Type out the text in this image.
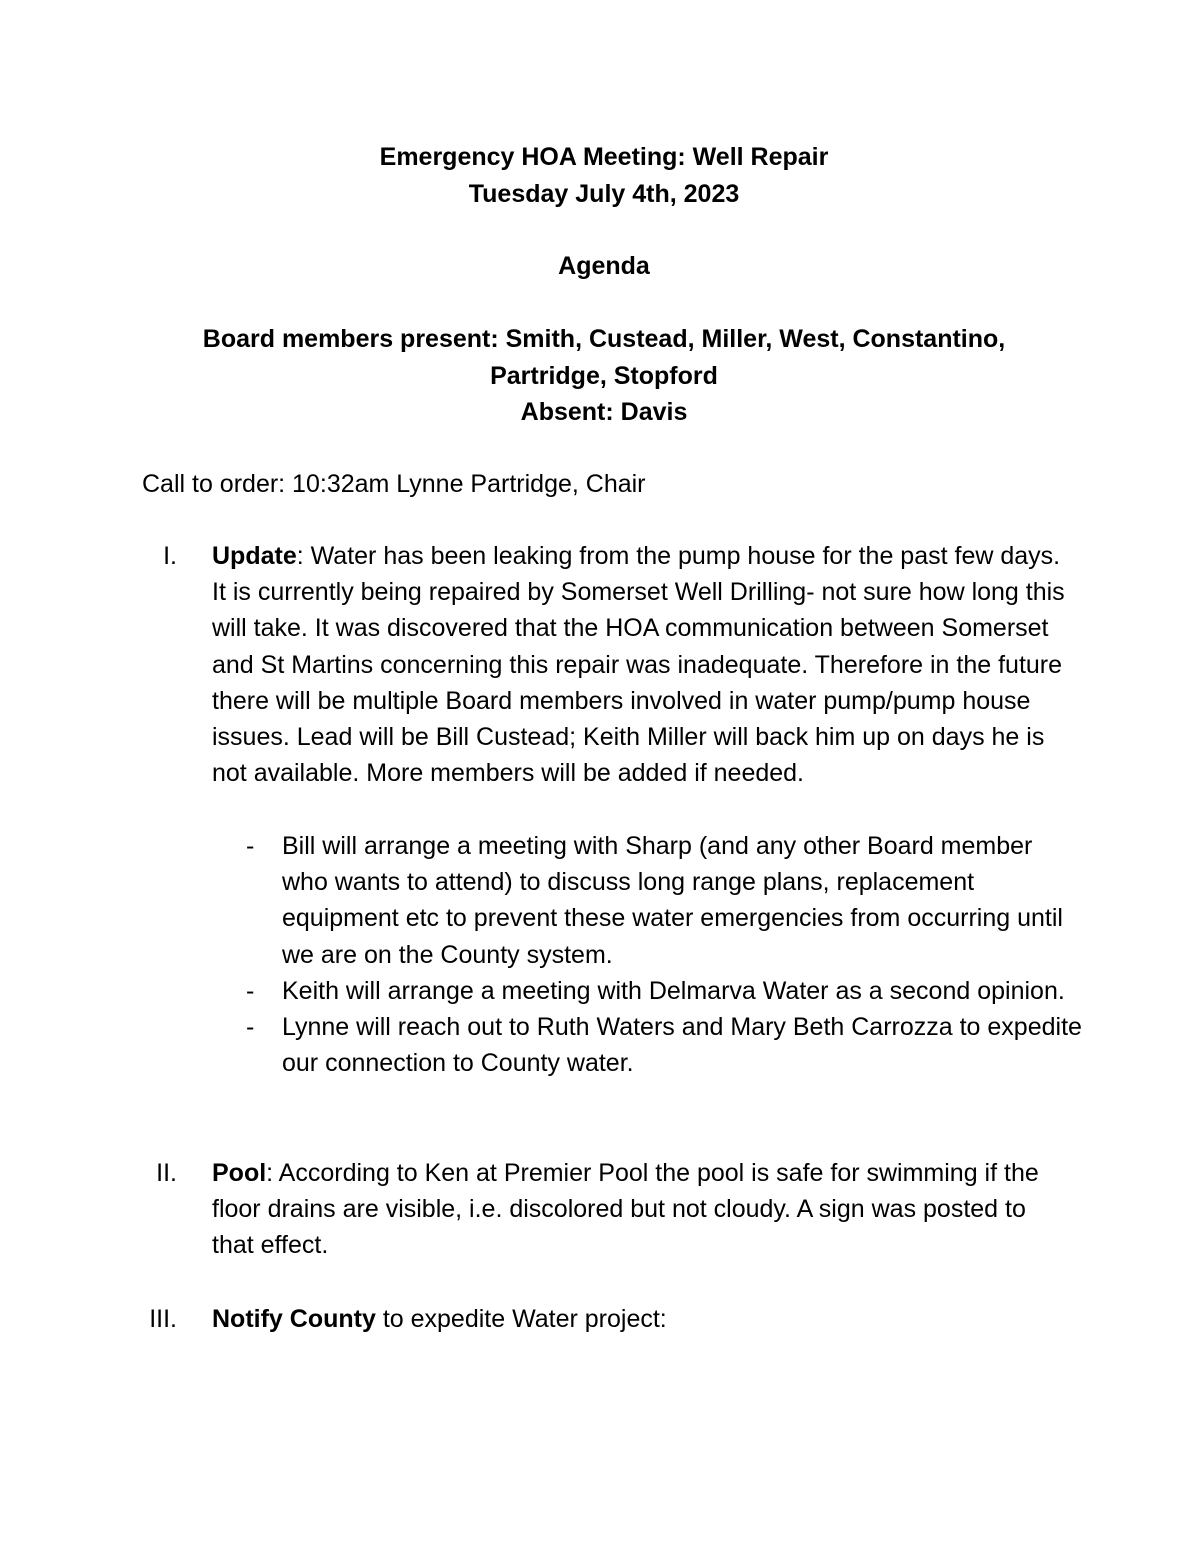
Emergency HOA Meeting: Well Repair
Tuesday July 4th, 2023
Agenda
Board members present: Smith, Custead, Miller, West, Constantino,
Partridge, Stopford
Absent: Davis

Call to order: 10:32am Lynne Partridge, Chair

I. Update: Water has been leaking from the pump house for the past few days. It is currently being repaired by Somerset Well Drilling- not sure how long this will take. It was discovered that the HOA communication between Somerset and St Martins concerning this repair was inadequate. Therefore in the future there will be multiple Board members involved in water pump/pump house issues. Lead will be Bill Custead; Keith Miller will back him up on days he is not available. More members will be added if needed.

- Bill will arrange a meeting with Sharp (and any other Board member who wants to attend) to discuss long range plans, replacement equipment etc to prevent these water emergencies from occurring until we are on the County system.
- Keith will arrange a meeting with Delmarva Water as a second opinion.
- Lynne will reach out to Ruth Waters and Mary Beth Carrozza to expedite our connection to County water.
II. Pool: According to Ken at Premier Pool the pool is safe for swimming if the floor drains are visible, i.e. discolored but not cloudy. A sign was posted to that effect.

III. Notify County to expedite Water project:
